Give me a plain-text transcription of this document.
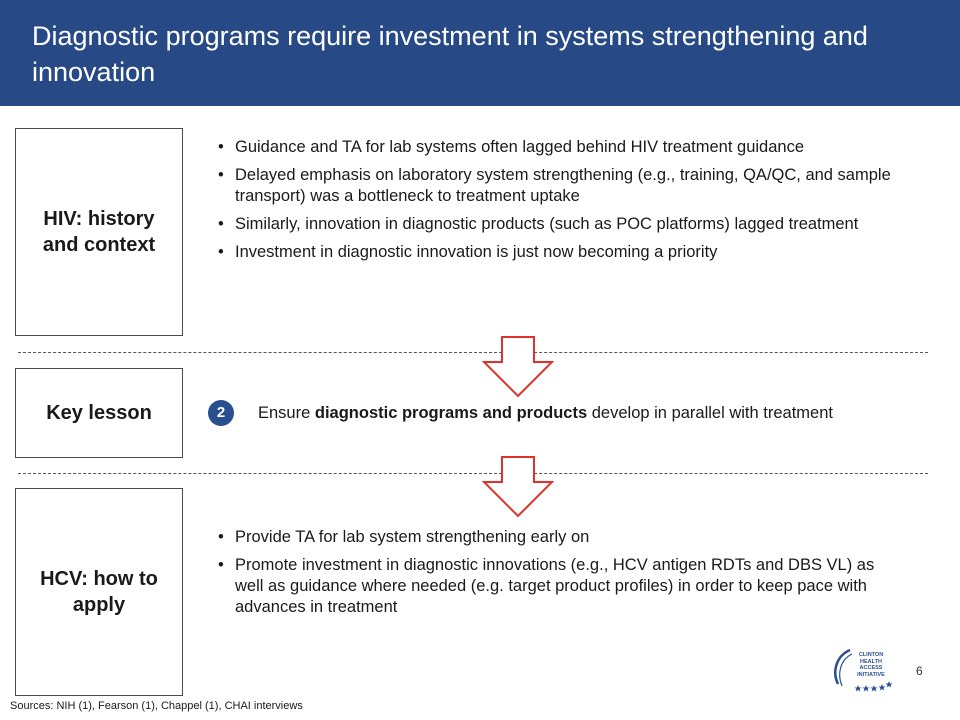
Diagnostic programs require investment in systems strengthening and innovation
HIV: history and context
• Guidance and TA for lab systems often lagged behind HIV treatment guidance
• Delayed emphasis on laboratory system strengthening (e.g., training, QA/QC, and sample transport) was a bottleneck to treatment uptake
• Similarly, innovation in diagnostic products (such as POC platforms) lagged treatment
• Investment in diagnostic innovation is just now becoming a priority
Key lesson	2	Ensure diagnostic programs and products develop in parallel with treatment
HCV: how to apply
• Provide TA for lab system strengthening early on
• Promote investment in diagnostic innovations (e.g., HCV antigen RDTs and DBS VL) as well as guidance where needed (e.g. target product profiles) in order to keep pace with advances in treatment
CLINTON HEALTH ACCESS INITIATIVE	6
Sources: NIH (1), Fearson (1), Chappel (1), CHAI interviews
